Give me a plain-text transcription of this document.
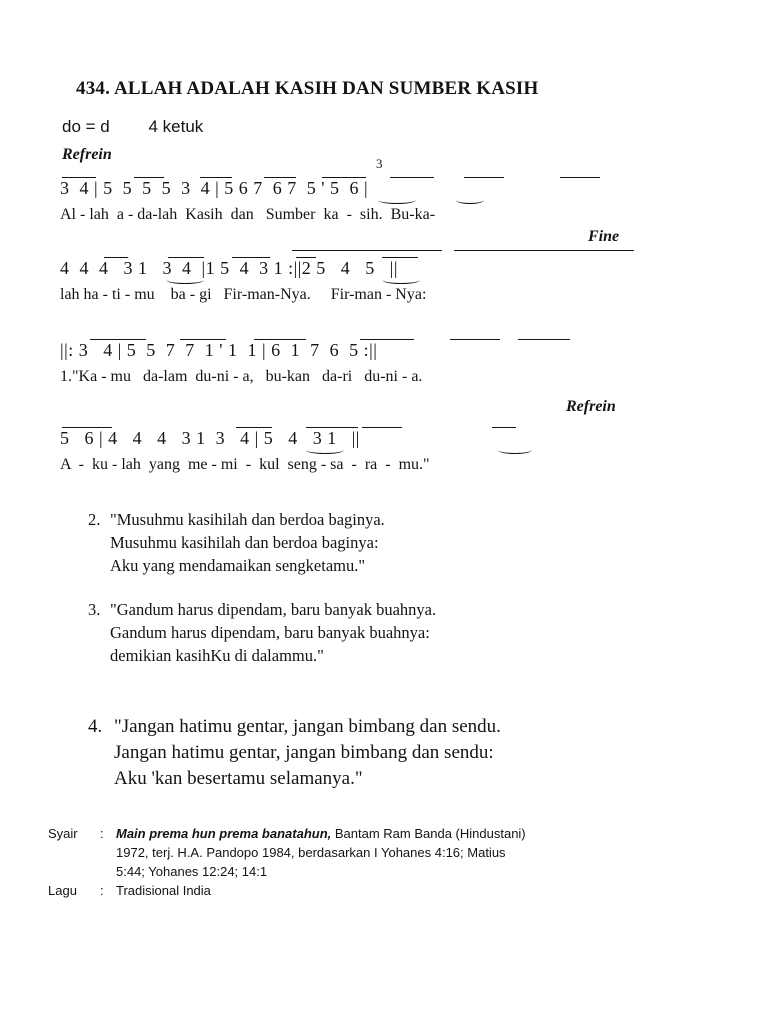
434. ALLAH ADALAH KASIH DAN SUMBER KASIH
do = d 4 ketuk
Refrein
3
3  4 | 5  5  5  5  3  4 | 5 6 7  6 7  5 ' 5  6 |
Al - lah  a - da-lah  Kasih  dan   Sumber  ka  -  sih.  Bu-ka-
Fine
4  4  4   3 1   3  4  |1 5  4  3 1 :||2 5   4   5   ||
lah ha - ti - mu    ba - gi   Fir-man-Nya.     Fir-man - Nya:
||: 3   4 | 5  5  7  7  1 ' 1  1 | 6  1  7  6  5 :||
1."Ka - mu   da-lam  du-ni - a,   bu-kan   da-ri   du-ni - a.
Refrein
5   6 | 4   4   4   3 1  3   4 | 5   4   3 1   ||
A  -  ku - lah  yang  me - mi  -  kul  seng - sa  -  ra  -  mu."
2. "Musuhmu kasihilah dan berdoa baginya.
Musuhmu kasihilah dan berdoa baginya:
Aku yang mendamaikan sengketamu."
3. "Gandum harus dipendam, baru banyak buahnya.
Gandum harus dipendam, baru banyak buahnya:
demikian kasihKu di dalammu."
4. "Jangan hatimu gentar, jangan bimbang dan sendu.
Jangan hatimu gentar, jangan bimbang dan sendu:
Aku 'kan besertamu selamanya."
Syair	:	Main prema hun prema banatahun, Bantam Ram Banda (Hindustani)
1972, terj. H.A. Pandopo 1984, berdasarkan I Yohanes 4:16; Matius
5:44; Yohanes 12:24; 14:1
Lagu	:	Tradisional India
